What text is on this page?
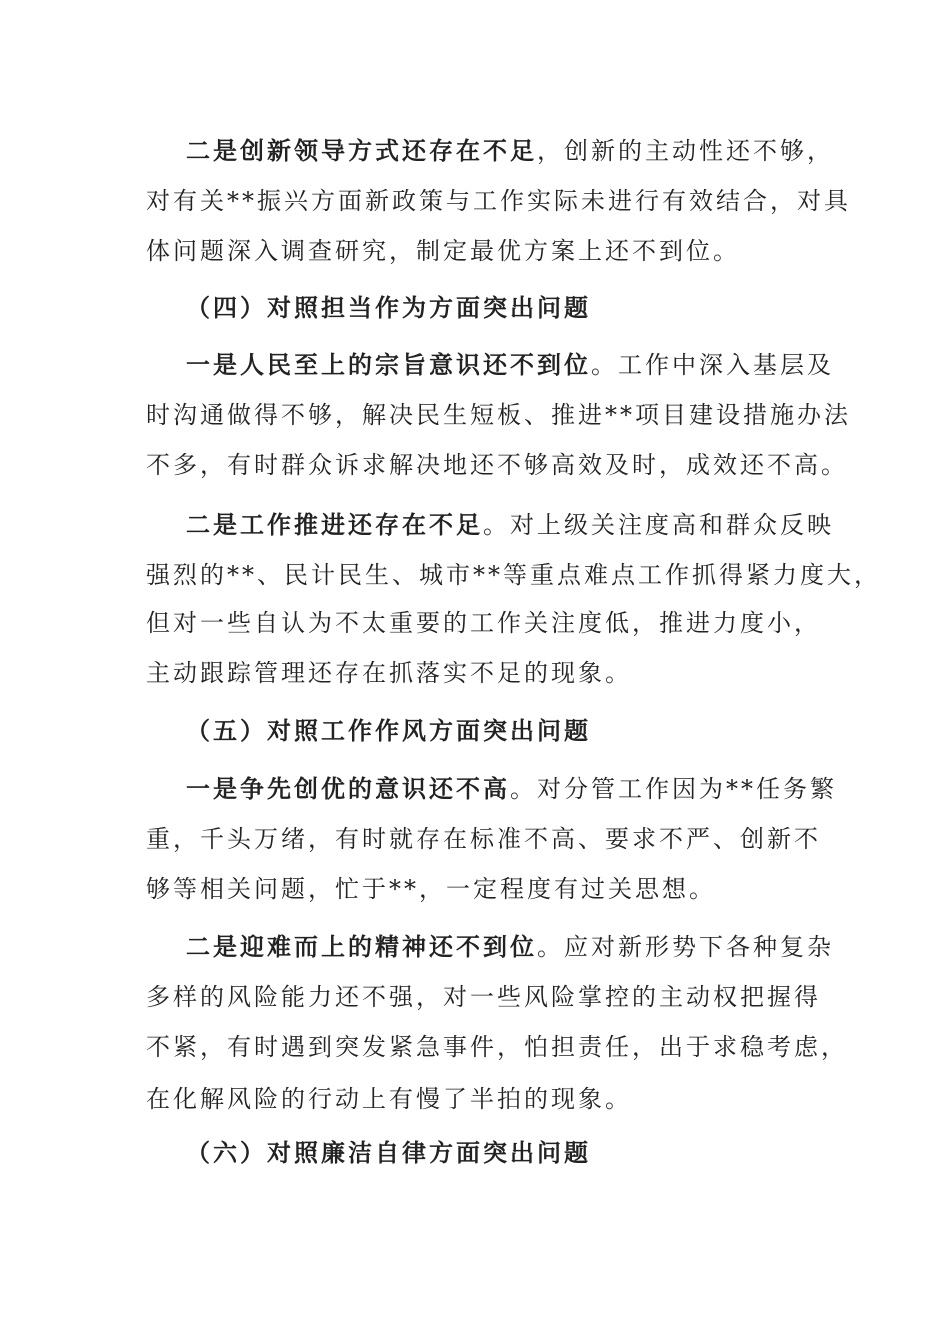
二是创新领导方式还存在不足，创新的主动性还不够，
对有关**振兴方面新政策与工作实际未进行有效结合，对具
体问题深入调查研究，制定最优方案上还不到位。
（四）对照担当作为方面突出问题
一是人民至上的宗旨意识还不到位。工作中深入基层及
时沟通做得不够，解决民生短板、推进**项目建设措施办法
不多，有时群众诉求解决地还不够高效及时，成效还不高。
二是工作推进还存在不足。对上级关注度高和群众反映
强烈的**、民计民生、城市**等重点难点工作抓得紧力度大，
但对一些自认为不太重要的工作关注度低，推进力度小，
主动跟踪管理还存在抓落实不足的现象。
（五）对照工作作风方面突出问题
一是争先创优的意识还不高。对分管工作因为**任务繁
重，千头万绪，有时就存在标准不高、要求不严、创新不
够等相关问题，忙于**，一定程度有过关思想。
二是迎难而上的精神还不到位。应对新形势下各种复杂
多样的风险能力还不强，对一些风险掌控的主动权把握得
不紧，有时遇到突发紧急事件，怕担责任，出于求稳考虑，
在化解风险的行动上有慢了半拍的现象。
（六）对照廉洁自律方面突出问题
